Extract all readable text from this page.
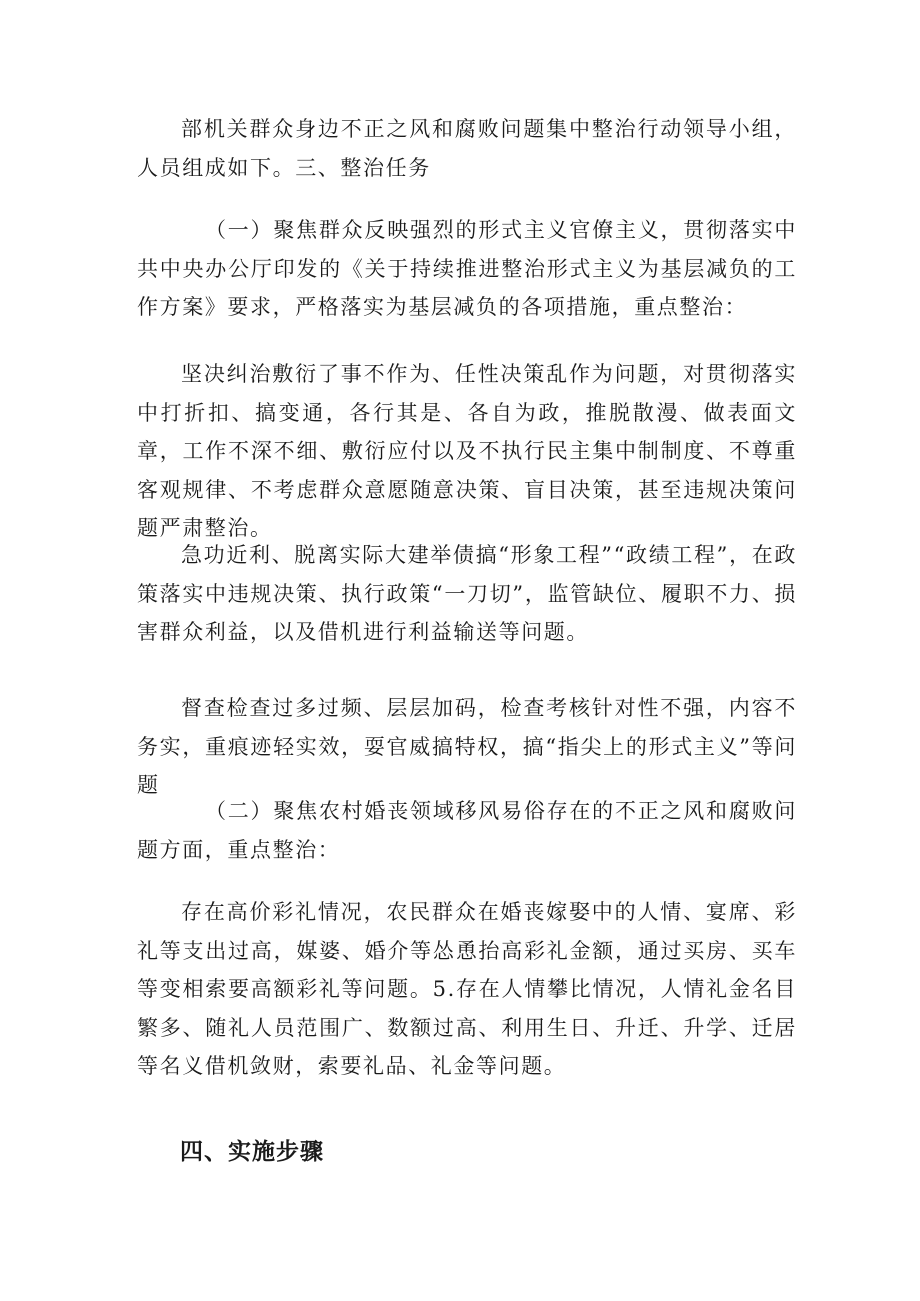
部机关群众身边不正之风和腐败问题集中整治行动领导小组，人员组成如下。三、整治任务

（一）聚焦群众反映强烈的形式主义官僚主义，贯彻落实中共中央办公厅印发的《关于持续推进整治形式主义为基层减负的工作方案》要求，严格落实为基层减负的各项措施，重点整治：

坚决纠治敷衍了事不作为、任性决策乱作为问题，对贯彻落实中打折扣、搞变通，各行其是、各自为政，推脱散漫、做表面文章，工作不深不细、敷衍应付以及不执行民主集中制制度、不尊重客观规律、不考虑群众意愿随意决策、盲目决策，甚至违规决策问题严肃整治。

急功近利、脱离实际大建举债搞“形象工程”“政绩工程”，在政策落实中违规决策、执行政策“一刀切”，监管缺位、履职不力、损害群众利益，以及借机进行利益输送等问题。

督查检查过多过频、层层加码，检查考核针对性不强，内容不务实，重痕迹轻实效，耍官威搞特权，搞“指尖上的形式主义”等问题

（二）聚焦农村婚丧领域移风易俗存在的不正之风和腐败问题方面，重点整治：

存在高价彩礼情况，农民群众在婚丧嫁娶中的人情、宴席、彩礼等支出过高，媒婆、婚介等怂恿抬高彩礼金额，通过买房、买车等变相索要高额彩礼等问题。5.存在人情攀比情况，人情礼金名目繁多、随礼人员范围广、数额过高、利用生日、升迁、升学、迁居等名义借机敛财，索要礼品、礼金等问题。

四、实施步骤
